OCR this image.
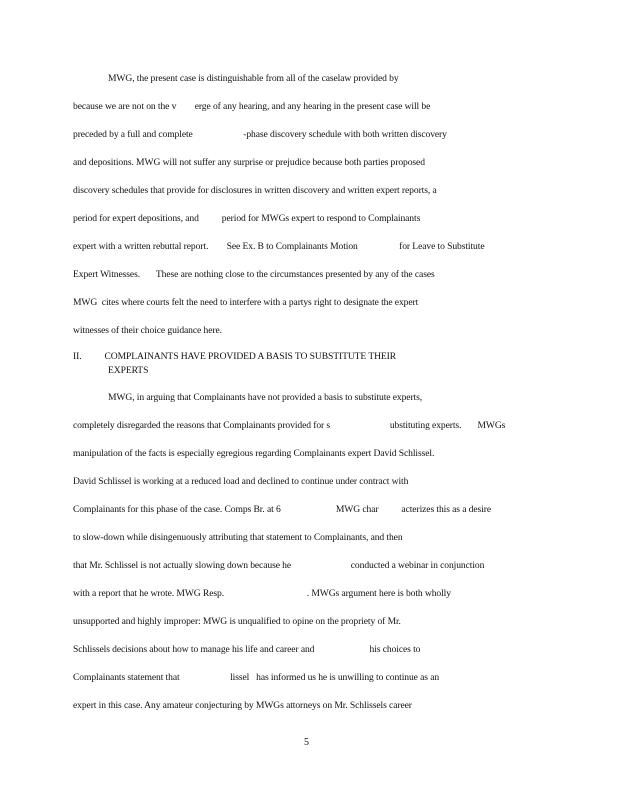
MWG, the present case is distinguishable from all of the caselaw provided by
because we are not on the v        erge of any hearing, and any hearing in the present case will be
preceded by a full and complete                      -phase discovery schedule with both written discovery
and depositions. MWG will not suffer any surprise or prejudice because both parties proposed
discovery schedules that provide for disclosures in written discovery and written expert reports, a
period for expert depositions, and          period for MWGs expert to respond to Complainants
expert with a written rebuttal report.        See Ex. B to Complainants Motion                  for Leave to Substitute
Expert Witnesses.       These are nothing close to the circumstances presented by any of the cases
MWG  cites where courts felt the need to interfere with a partys right to designate the expert
witnesses of their choice guidance here.
II.          COMPLAINANTS HAVE PROVIDED A BASIS TO SUBSTITUTE THEIR
EXPERTS
MWG, in arguing that Complainants have not provided a basis to substitute experts,
completely disregarded the reasons that Complainants provided for s                          ubstituting experts.       MWGs
manipulation of the facts is especially egregious regarding Complainants expert David Schlissel.
David Schlissel is working at a reduced load and declined to continue under contract with
Complainants for this phase of the case. Comps Br. at 6                        MWG char          acterizes this as a desire
to slow-down while disingenuously attributing that statement to Complainants, and then
that Mr. Schlissel is not actually slowing down because he                          conducted a webinar in conjunction
with a report that he wrote. MWG Resp.                                    . MWGs argument here is both wholly
unsupported and highly improper: MWG is unqualified to opine on the propriety of Mr.
Schlissels decisions about how to manage his life and career and                        his choices to
Complainants statement that                      lissel   has informed us he is unwilling to continue as an
expert in this case. Any amateur conjecturing by MWGs attorneys on Mr. Schlissels career
5
